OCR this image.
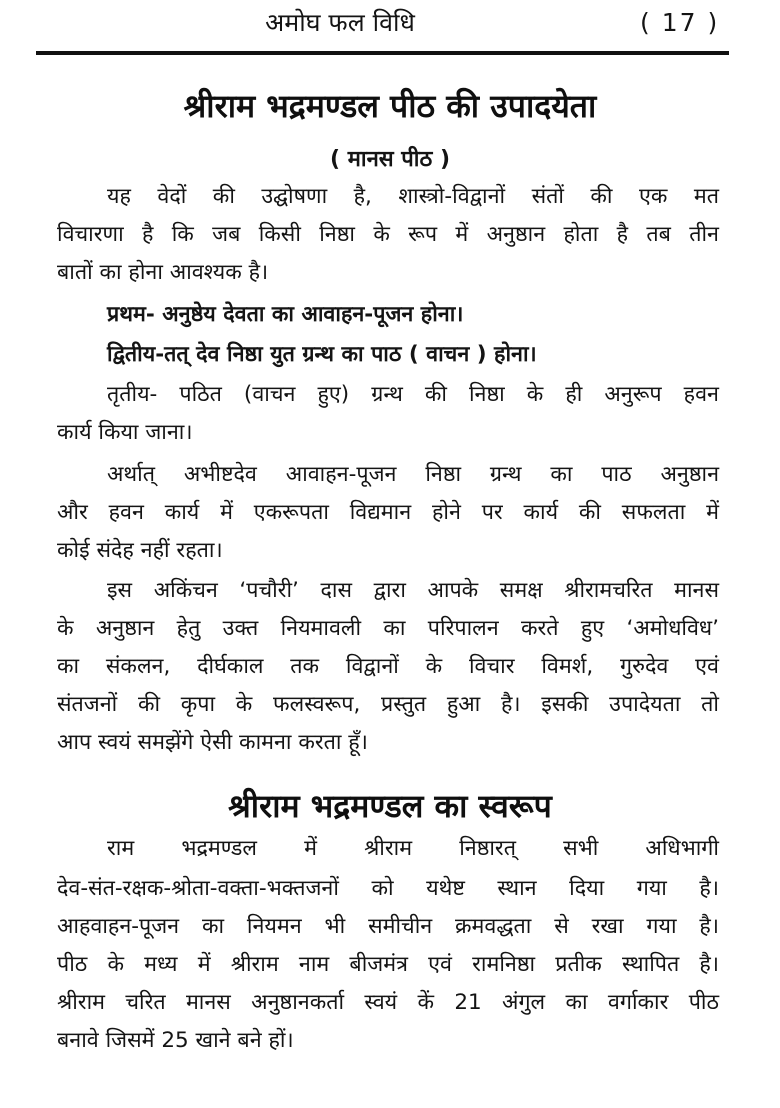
अमोघ फल विधि	( 17 )
श्रीराम भद्रमण्डल पीठ की उपादयेता
( मानस पीठ )
यह वेदों की उद्घोषणा है, शास्त्रो-विद्वानों संतों की एक मत
विचारणा है कि जब किसी निष्ठा के रूप में अनुष्ठान होता है तब तीन
बातों का होना आवश्यक है।
प्रथम- अनुष्ठेय देवता का आवाहन-पूजन होना।
द्वितीय-तत् देव निष्ठा युत ग्रन्थ का पाठ ( वाचन ) होना।
तृतीय- पठित (वाचन हुए) ग्रन्थ की निष्ठा के ही अनुरूप हवन
कार्य किया जाना।
अर्थात् अभीष्टदेव आवाहन-पूजन निष्ठा ग्रन्थ का पाठ अनुष्ठान
और हवन कार्य में एकरूपता विद्यमान होने पर कार्य की सफलता में
कोई संदेह नहीं रहता।
इस अकिंचन ‘पचौरी’ दास द्वारा आपके समक्ष श्रीरामचरित मानस
के अनुष्ठान हेतु उक्त नियमावली का परिपालन करते हुए ‘अमोधविध’
का संकलन, दीर्घकाल तक विद्वानों के विचार विमर्श, गुरुदेव एवं
संतजनों की कृपा के फलस्वरूप, प्रस्तुत हुआ है। इसकी उपादेयता तो
आप स्वयं समझेंगे ऐसी कामना करता हूँ।
श्रीराम भद्रमण्डल का स्वरूप
राम भद्रमण्डल में श्रीराम निष्ठारत् सभी अधिभागी
देव-संत-रक्षक-श्रोता-वक्ता-भक्तजनों को यथेष्ट स्थान दिया गया है।
आहवाहन-पूजन का नियमन भी समीचीन क्रमवद्धता से रखा गया है।
पीठ के मध्य में श्रीराम नाम बीजमंत्र एवं रामनिष्ठा प्रतीक स्थापित है।
श्रीराम चरित मानस अनुष्ठानकर्ता स्वयं कें 21 अंगुल का वर्गाकार पीठ
बनावे जिसमें 25 खाने बने हों।
